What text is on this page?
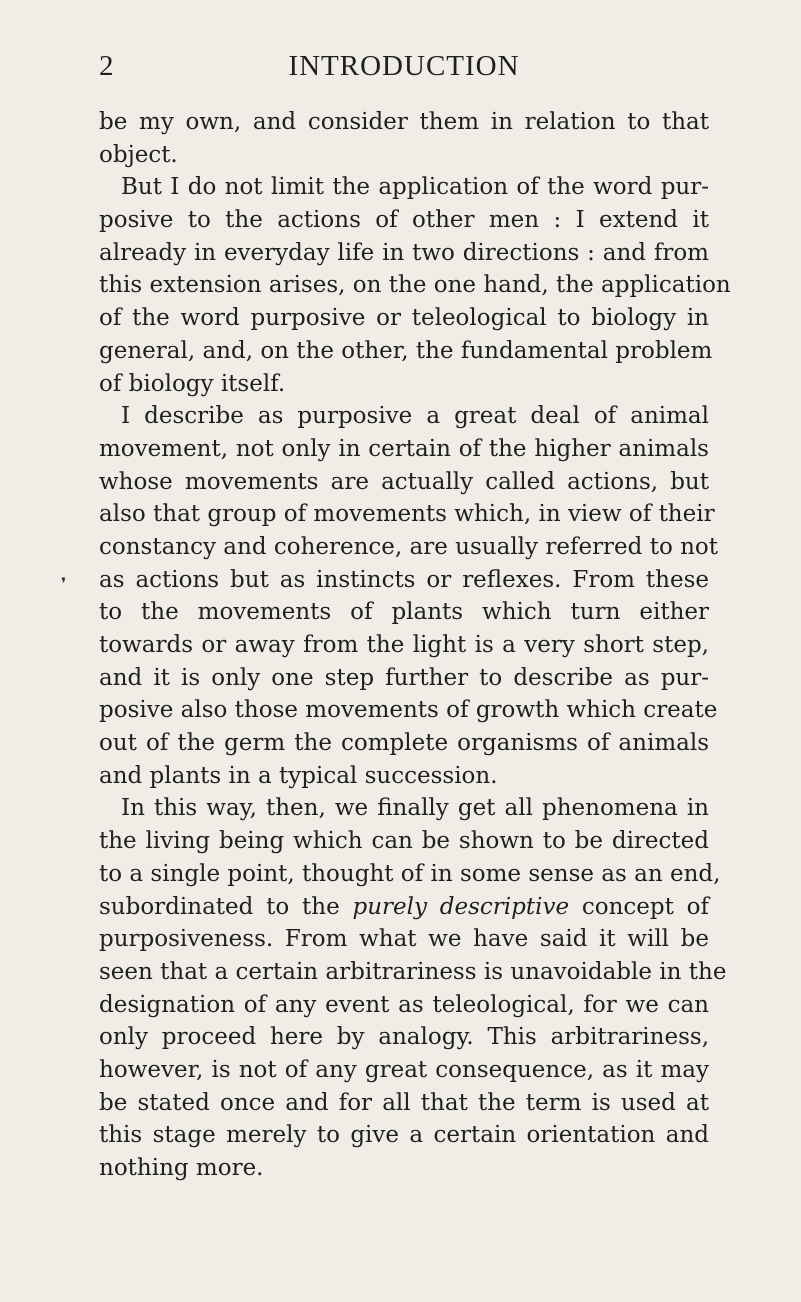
2	INTRODUCTION
❜
be my own, and consider them in relation to that
object.
But I do not limit the application of the word pur-
posive to the actions of other men : I extend it
already in everyday life in two directions : and from
this extension arises, on the one hand, the application
of the word purposive or teleological to biology in
general, and, on the other, the fundamental problem
of biology itself.
I describe as purposive a great deal of animal
movement, not only in certain of the higher animals
whose movements are actually called actions, but
also that group of movements which, in view of their
constancy and coherence, are usually referred to not
as actions but as instincts or reflexes. From these
to the movements of plants which turn either
towards or away from the light is a very short step,
and it is only one step further to describe as pur-
posive also those movements of growth which create
out of the germ the complete organisms of animals
and plants in a typical succession.
In this way, then, we finally get all phenomena in
the living being which can be shown to be directed
to a single point, thought of in some sense as an end,
subordinated to the purely descriptive concept of
purposiveness. From what we have said it will be
seen that a certain arbitrariness is unavoidable in the
designation of any event as teleological, for we can
only proceed here by analogy. This arbitrariness,
however, is not of any great consequence, as it may
be stated once and for all that the term is used at
this stage merely to give a certain orientation and
nothing more.
